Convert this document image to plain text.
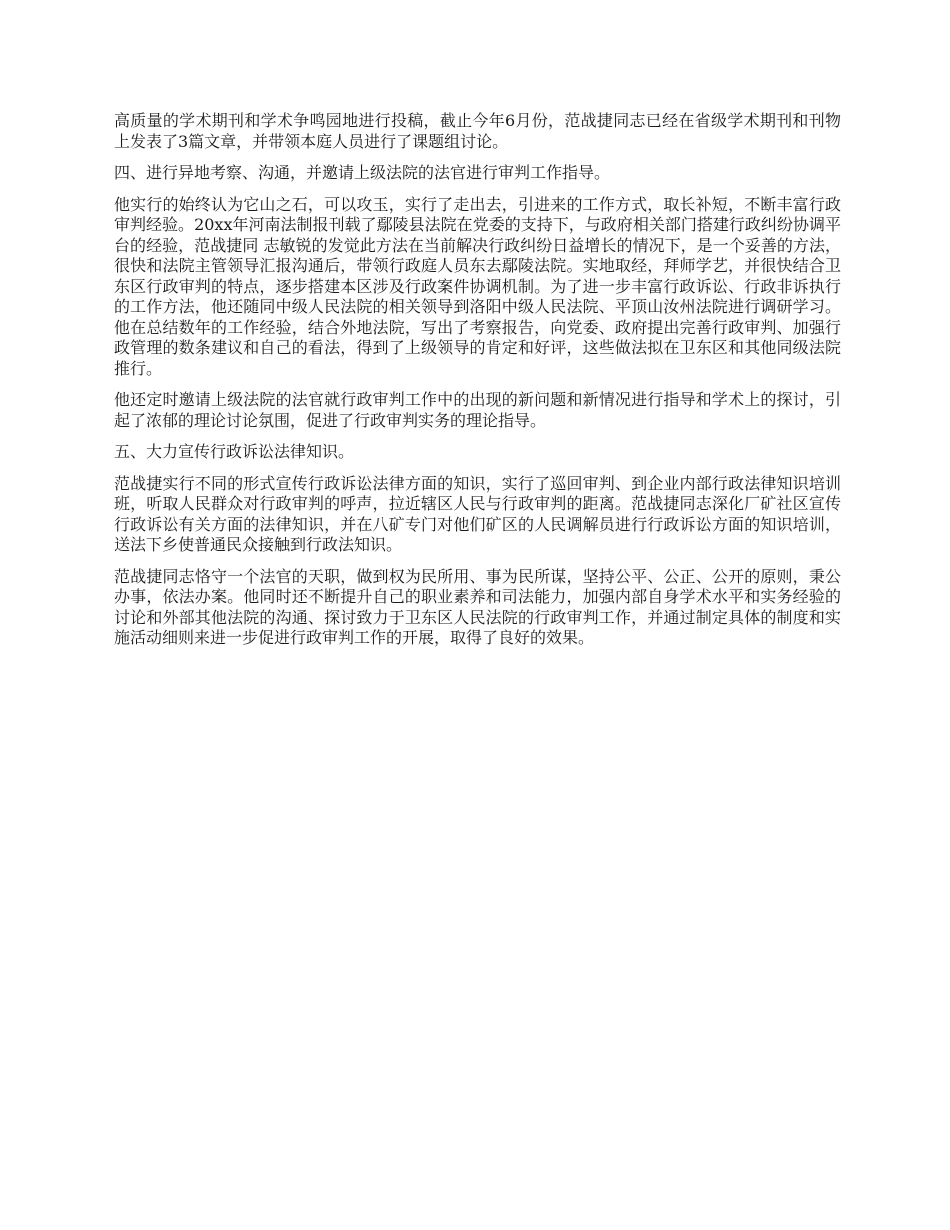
高质量的学术期刊和学术争鸣园地进行投稿，截止今年6月份，范战捷同志已经在省级学术期刊和刊物上发表了3篇文章，并带领本庭人员进行了课题组讨论。

四、进行异地考察、沟通，并邀请上级法院的法官进行审判工作指导。

他实行的始终认为它山之石，可以攻玉，实行了走出去，引进来的工作方式，取长补短，不断丰富行政审判经验。20xx年河南法制报刊载了鄢陵县法院在党委的支持下，与政府相关部门搭建行政纠纷协调平台的经验，范战捷同 志敏锐的发觉此方法在当前解决行政纠纷日益增长的情况下，是一个妥善的方法，很快和法院主管领导汇报沟通后，带领行政庭人员东去鄢陵法院。实地取经，拜师学艺，并很快结合卫东区行政审判的特点，逐步搭建本区涉及行政案件协调机制。为了进一步丰富行政诉讼、行政非诉执行的工作方法，他还随同中级人民法院的相关领导到洛阳中级人民法院、平顶山汝州法院进行调研学习。他在总结数年的工作经验，结合外地法院，写出了考察报告，向党委、政府提出完善行政审判、加强行政管理的数条建议和自己的看法，得到了上级领导的肯定和好评，这些做法拟在卫东区和其他同级法院推行。

他还定时邀请上级法院的法官就行政审判工作中的出现的新问题和新情况进行指导和学术上的探讨，引起了浓郁的理论讨论氛围，促进了行政审判实务的理论指导。

五、大力宣传行政诉讼法律知识。

范战捷实行不同的形式宣传行政诉讼法律方面的知识，实行了巡回审判、到企业内部行政法律知识培训班，听取人民群众对行政审判的呼声，拉近辖区人民与行政审判的距离。范战捷同志深化厂矿社区宣传行政诉讼有关方面的法律知识，并在八矿专门对他们矿区的人民调解员进行行政诉讼方面的知识培训，送法下乡使普通民众接触到行政法知识。

范战捷同志恪守一个法官的天职，做到权为民所用、事为民所谋，坚持公平、公正、公开的原则，秉公办事，依法办案。他同时还不断提升自己的职业素养和司法能力，加强内部自身学术水平和实务经验的讨论和外部其他法院的沟通、探讨致力于卫东区人民法院的行政审判工作，并通过制定具体的制度和实施活动细则来进一步促进行政审判工作的开展，取得了良好的效果。
